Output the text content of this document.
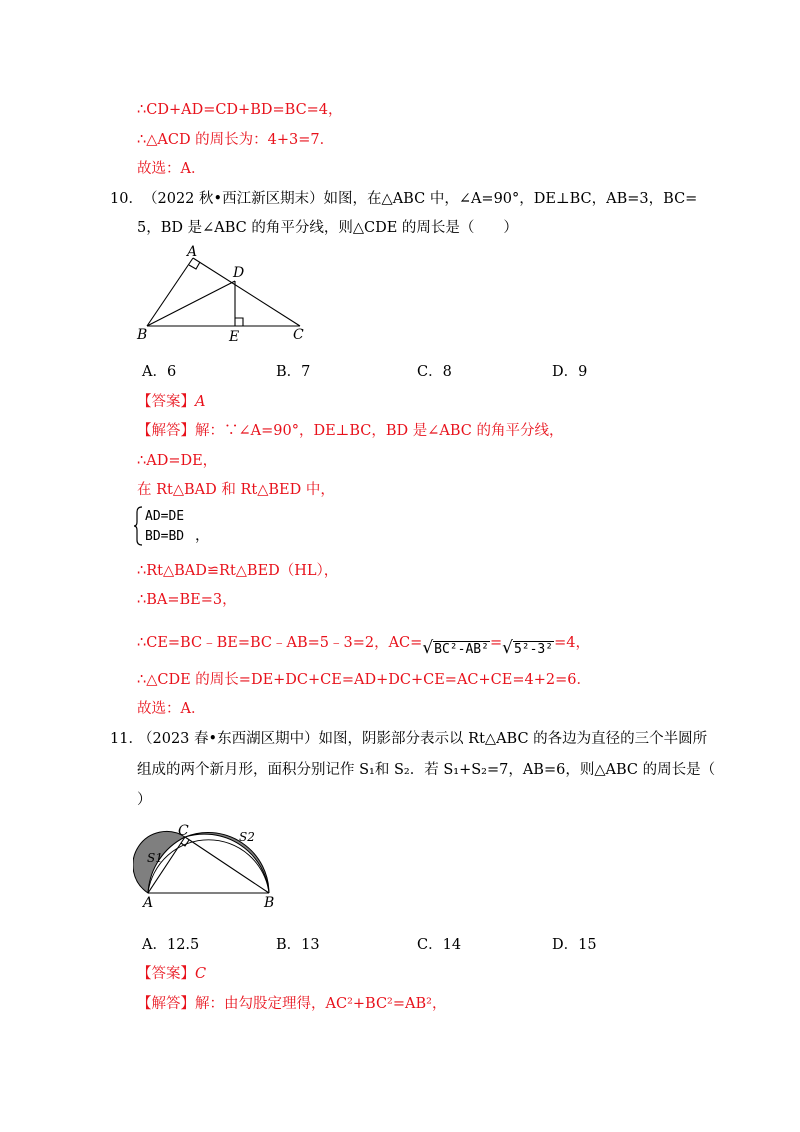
∴CD+AD=CD+BD=BC=4，
∴△ACD 的周长为：4+3=7．
故选：A．
10． （2022 秋•西江新区期末）如图，在△ABC 中，∠A=90°，DE⊥BC，AB=3，BC=
5，BD 是∠ABC 的角平分线，则△CDE 的周长是（　　）
A
D
B	E	C
A．6	B．7	C．8	D．9
【答案】A
【解答】解：∵∠A=90°，DE⊥BC，BD 是∠ABC 的角平分线，
∴AD=DE，
在 Rt△BAD 和 Rt△BED 中，
AD=DE
BD=BD ，
∴Rt△BAD≌Rt△BED（HL），
∴BA=BE=3，
∴CE=BC﹣BE=BC﹣AB=5﹣3=2，AC=√BC²-AB²=√5²-3²=4，
∴△CDE 的周长=DE+DC+CE=AD+DC+CE=AC+CE=4+2=6．
故选：A．
11．
（2023 春•东西湖区期中）如图，阴影部分表示以 Rt△ABC 的各边为直径的三个半圆所
组成的两个新月形，面积分别记作 S₁和 S₂．若 S₁+S₂=7，AB=6，则△ABC 的周长是（
）
C
A	B
S1
S2
A．12.5	B．13	C．14	D．15
【答案】C
【解答】解：由勾股定理得，AC²+BC²=AB²，
